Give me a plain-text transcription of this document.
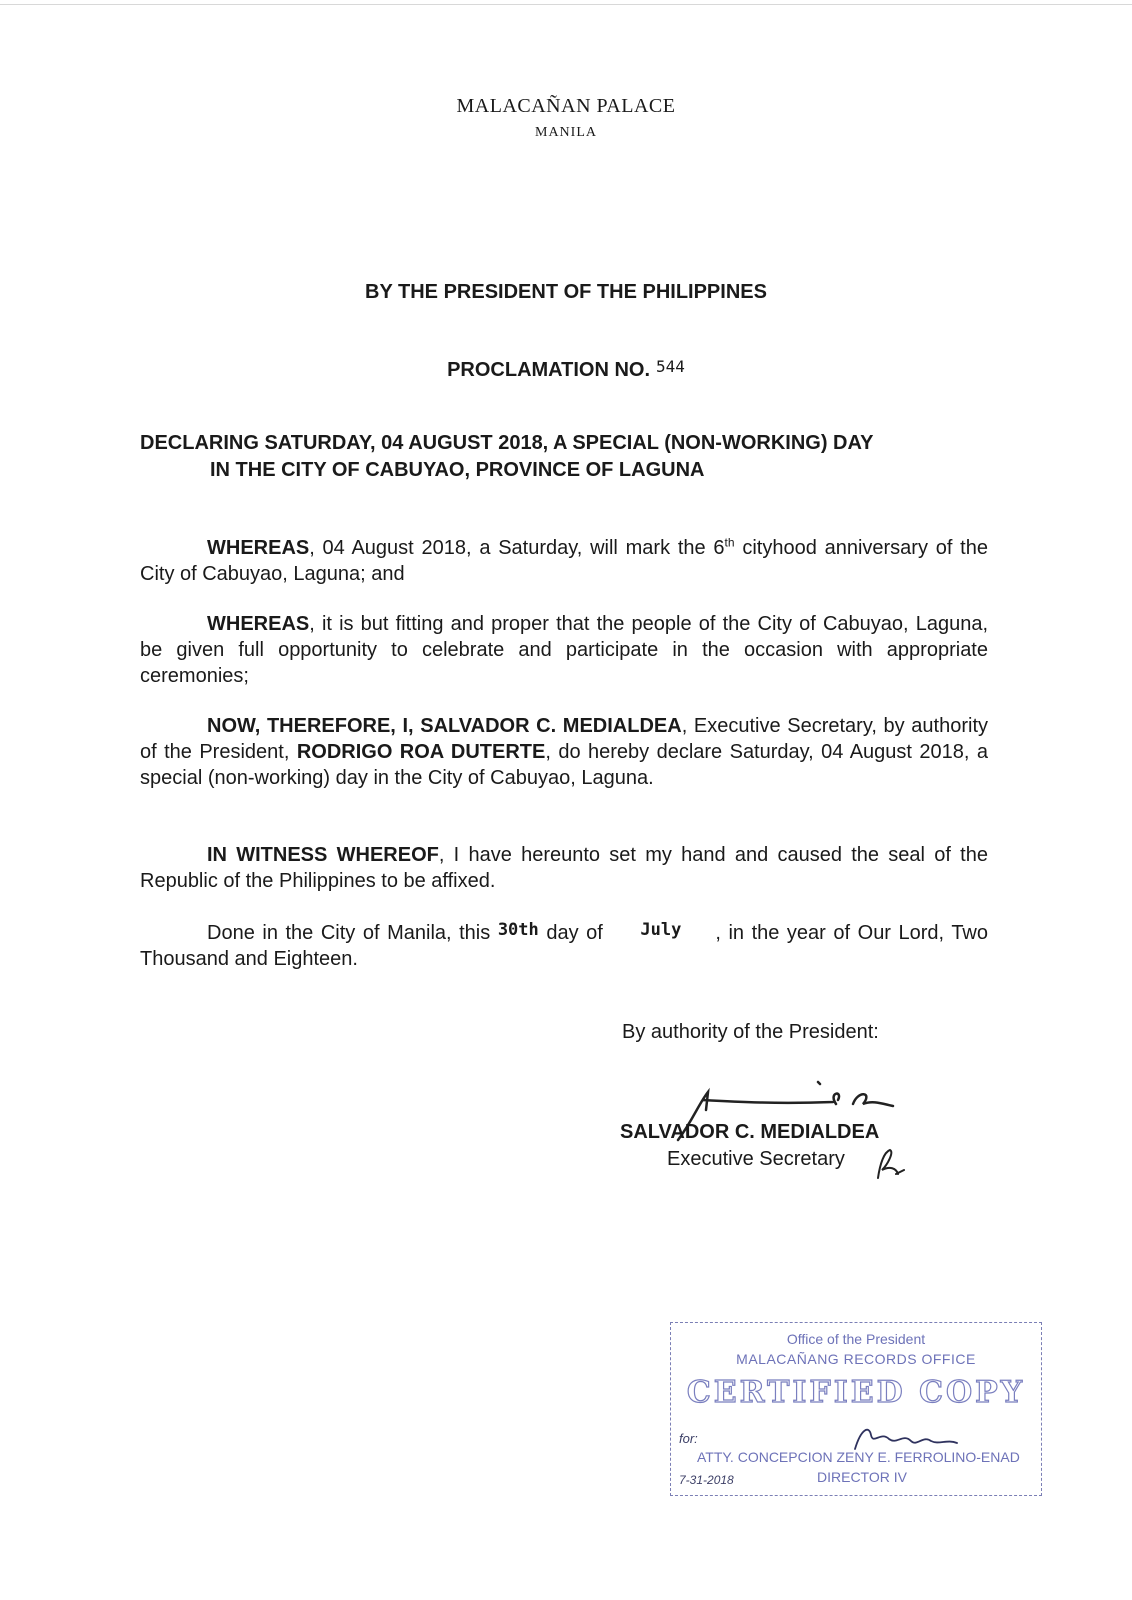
MALACAÑAN PALACE
MANILA
BY THE PRESIDENT OF THE PHILIPPINES
PROCLAMATION NO. $^{544}$
DECLARING SATURDAY, 04 AUGUST 2018, A SPECIAL (NON-WORKING) DAY
IN THE CITY OF CABUYAO, PROVINCE OF LAGUNA
WHEREAS, 04 August 2018, a Saturday, will mark the 6th cityhood anniversary of the City of Cabuyao, Laguna; and
WHEREAS, it is but fitting and proper that the people of the City of Cabuyao, Laguna, be given full opportunity to celebrate and participate in the occasion with appropriate ceremonies;
NOW, THEREFORE, I, SALVADOR C. MEDIALDEA, Executive Secretary, by authority of the President, RODRIGO ROA DUTERTE, do hereby declare Saturday, 04 August 2018, a special (non-working) day in the City of Cabuyao, Laguna.
IN WITNESS WHEREOF, I have hereunto set my hand and caused the seal of the Republic of the Philippines to be affixed.
Done in the City of Manila, this $^{30th}$ day of $^{July}$ , in the year of Our Lord, Two Thousand and Eighteen.
By authority of the President:
SALVADOR C. MEDIALDEA
Executive Secretary
Office of the President
MALACAÑANG RECORDS OFFICE
CERTIFIED COPY
for:
ATTY. CONCEPCION ZENY E. FERROLINO-ENAD
7-31-2018	DIRECTOR IV
